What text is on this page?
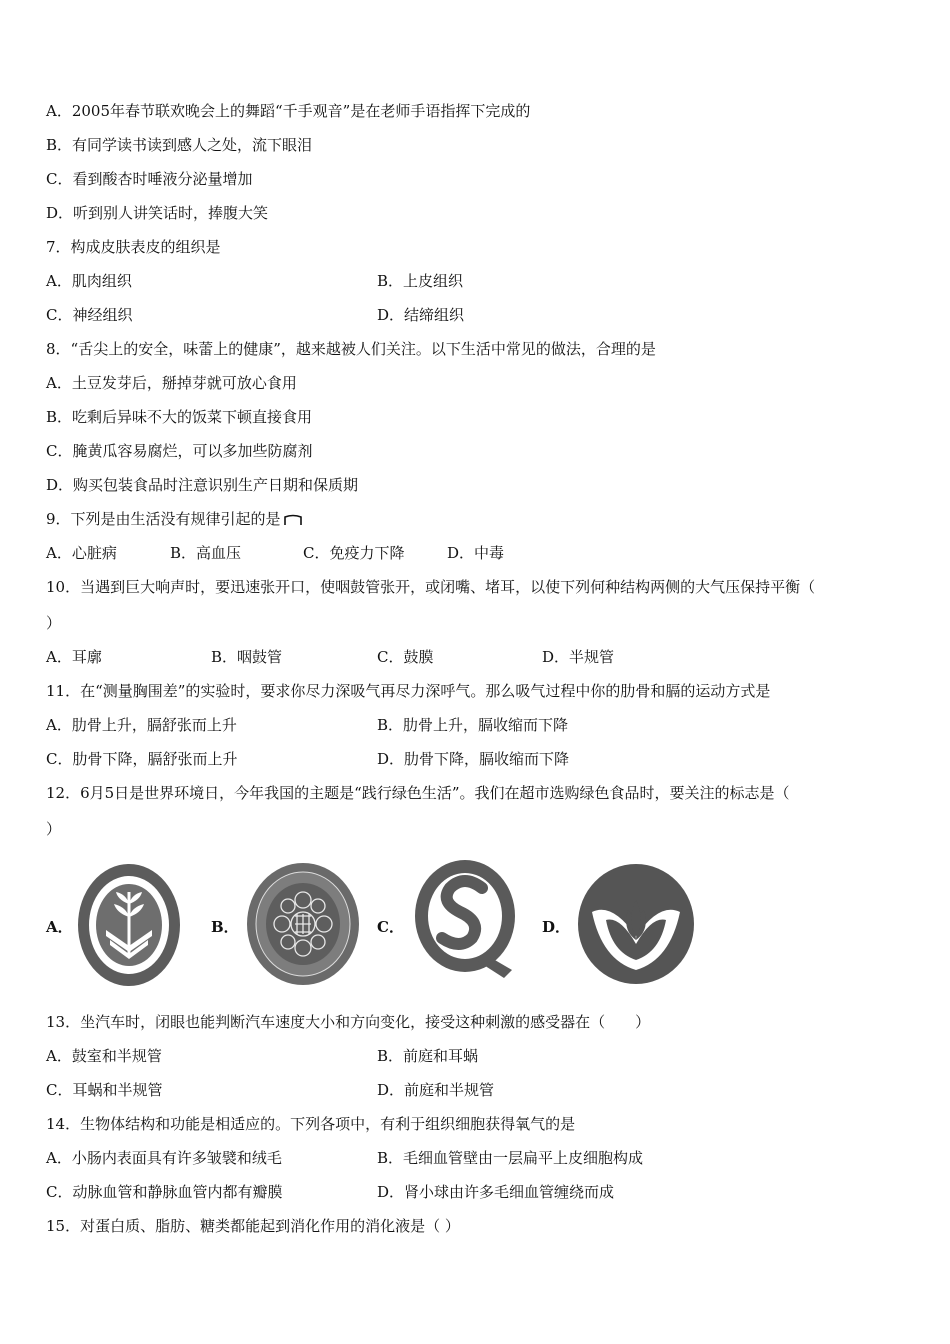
A．2005年春节联欢晚会上的舞蹈“千手观音”是在老师手语指挥下完成的
B．有同学读书读到感人之处，流下眼泪
C．看到酸杏时唾液分泌量增加
D．听到别人讲笑话时，捧腹大笑
7．构成皮肤表皮的组织是
A．肌肉组织	B．上皮组织
C．神经组织	D．结缔组织
8．“舌尖上的安全，味蕾上的健康”，越来越被人们关注。以下生活中常见的做法，合理的是
A．土豆发芽后，掰掉芽就可放心食用
B．吃剩后异味不大的饭菜下顿直接食用
C．腌黄瓜容易腐烂，可以多加些防腐剂
D．购买包装食品时注意识别生产日期和保质期
9．下列是由生活没有规律引起的是
A．心脏病	B．高血压	C．免疫力下降	D．中毒
10．当遇到巨大响声时，要迅速张开口，使咽鼓管张开，或闭嘴、堵耳，以使下列何种结构两侧的大气压保持平衡（
）
A．耳廓	B．咽鼓管	C．鼓膜	D．半规管
11．在“测量胸围差”的实验时，要求你尽力深吸气再尽力深呼气。那么吸气过程中你的肋骨和膈的运动方式是
A．肋骨上升，膈舒张而上升	B．肋骨上升，膈收缩而下降
C．肋骨下降，膈舒张而上升	D．肋骨下降，膈收缩而下降
12．6月5日是世界环境日，今年我国的主题是“践行绿色生活”。我们在超市选购绿色食品时，要关注的标志是（
）
A．	B．	C．	D．
13．坐汽车时，闭眼也能判断汽车速度大小和方向变化，接受这种刺激的感受器在（　　）
A．鼓室和半规管	B．前庭和耳蜗
C．耳蜗和半规管	D．前庭和半规管
14．生物体结构和功能是相适应的。下列各项中，有利于组织细胞获得氧气的是
A．小肠内表面具有许多皱襞和绒毛	B．毛细血管壁由一层扁平上皮细胞构成
C．动脉血管和静脉血管内都有瓣膜	D．肾小球由许多毛细血管缠绕而成
15．对蛋白质、脂肪、糖类都能起到消化作用的消化液是（ ）
